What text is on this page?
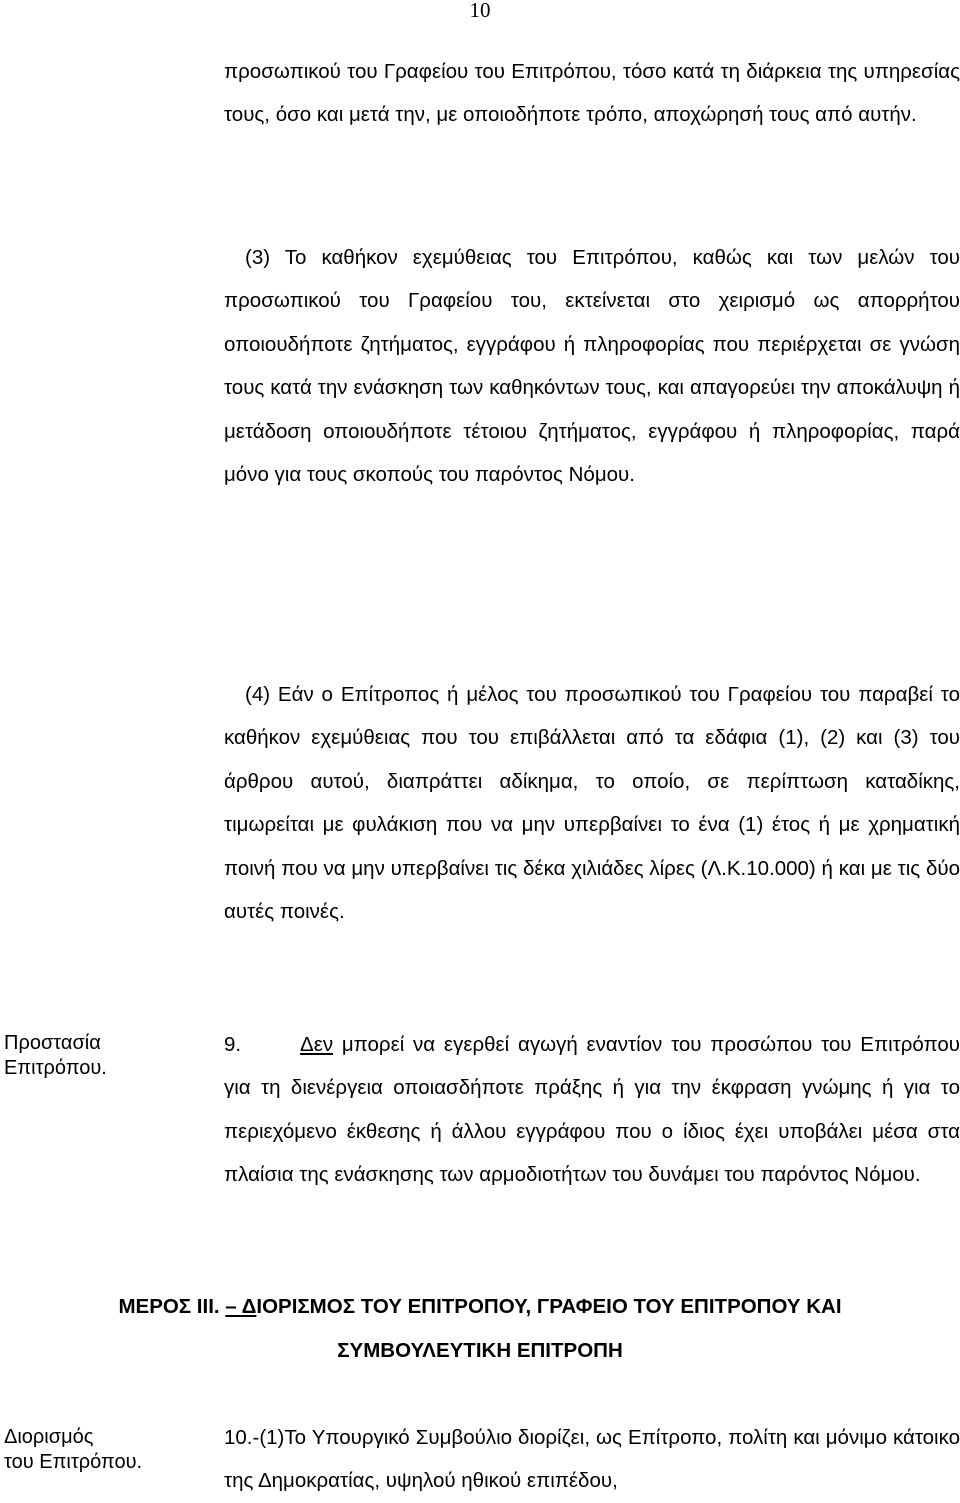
10
προσωπικού του Γραφείου του Επιτρόπου, τόσο κατά τη διάρκεια της υπηρεσίας τους, όσο και μετά την, με οποιοδήποτε τρόπο, αποχώρησή τους από αυτήν.
(3) Το καθήκον εχεμύθειας του Επιτρόπου, καθώς και των μελών του προσωπικού του Γραφείου του, εκτείνεται στο χειρισμό ως απορρήτου οποιουδήποτε ζητήματος, εγγράφου ή πληροφορίας που περιέρχεται σε γνώση τους κατά την ενάσκηση των καθηκόντων τους, και απαγορεύει την αποκάλυψη ή μετάδοση οποιουδήποτε τέτοιου ζητήματος, εγγράφου ή πληροφορίας, παρά μόνο για τους σκοπούς του παρόντος Νόμου.
(4) Εάν ο Επίτροπος ή μέλος του προσωπικού του Γραφείου του παραβεί το καθήκον εχεμύθειας που του επιβάλλεται από τα εδάφια (1), (2) και (3) του άρθρου αυτού, διαπράττει αδίκημα, το οποίο, σε περίπτωση καταδίκης, τιμωρείται με φυλάκιση που να μην υπερβαίνει το ένα (1) έτος ή με χρηματική ποινή που να μην υπερβαίνει τις δέκα χιλιάδες λίρες (Λ.Κ.10.000) ή και με τις δύο αυτές ποινές.
Προστασία
Επιτρόπου.
9.	Δεν μπορεί να εγερθεί αγωγή εναντίον του προσώπου του Επιτρόπου για τη διενέργεια οποιασδήποτε πράξης ή για την έκφραση γνώμης ή για το περιεχόμενο έκθεσης ή άλλου εγγράφου που ο ίδιος έχει υποβάλει μέσα στα πλαίσια της ενάσκησης των αρμοδιοτήτων του δυνάμει του παρόντος Νόμου.
ΜΕΡΟΣ ΙΙΙ. – ΔΙΟΡΙΣΜΟΣ ΤΟΥ ΕΠΙΤΡΟΠΟΥ, ΓΡΑΦΕΙΟ ΤΟΥ ΕΠΙΤΡΟΠΟΥ ΚΑΙ
ΣΥΜΒΟΥΛΕΥΤΙΚΗ ΕΠΙΤΡΟΠΗ
Διορισμός
του Επιτρόπου.
10.-(1)Το Υπουργικό Συμβούλιο διορίζει, ως Επίτροπο, πολίτη και μόνιμο κάτοικο της Δημοκρατίας, υψηλού ηθικού επιπέδου,
